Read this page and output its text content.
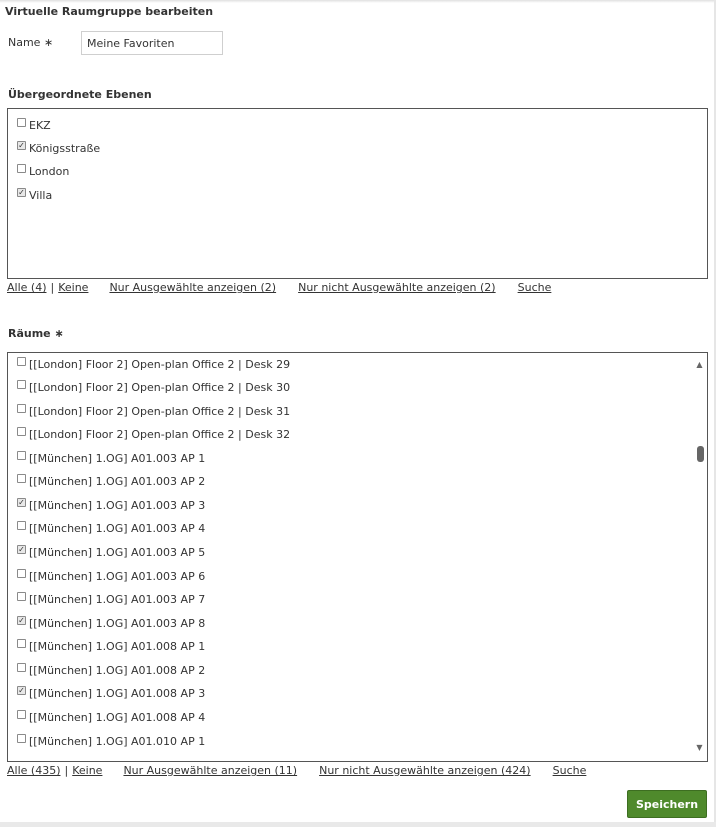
Virtuelle Raumgruppe bearbeiten
Name ∗
Meine Favoriten
Übergeordnete Ebenen
EKZ
✓ Königsstraße
London
✓ Villa
Alle (4) | Keine Nur Ausgewählte anzeigen (2) Nur nicht Ausgewählte anzeigen (2) Suche
Räume ∗
[[London] Floor 2] Open-plan Office 2 | Desk 29
[[London] Floor 2] Open-plan Office 2 | Desk 30
[[London] Floor 2] Open-plan Office 2 | Desk 31
[[London] Floor 2] Open-plan Office 2 | Desk 32
[[München] 1.OG] A01.003 AP 1
[[München] 1.OG] A01.003 AP 2
✓ [[München] 1.OG] A01.003 AP 3
[[München] 1.OG] A01.003 AP 4
✓ [[München] 1.OG] A01.003 AP 5
[[München] 1.OG] A01.003 AP 6
[[München] 1.OG] A01.003 AP 7
✓ [[München] 1.OG] A01.003 AP 8
[[München] 1.OG] A01.008 AP 1
[[München] 1.OG] A01.008 AP 2
✓ [[München] 1.OG] A01.008 AP 3
[[München] 1.OG] A01.008 AP 4
[[München] 1.OG] A01.010 AP 1
▲
▼
Alle (435) | Keine Nur Ausgewählte anzeigen (11) Nur nicht Ausgewählte anzeigen (424) Suche
Speichern
